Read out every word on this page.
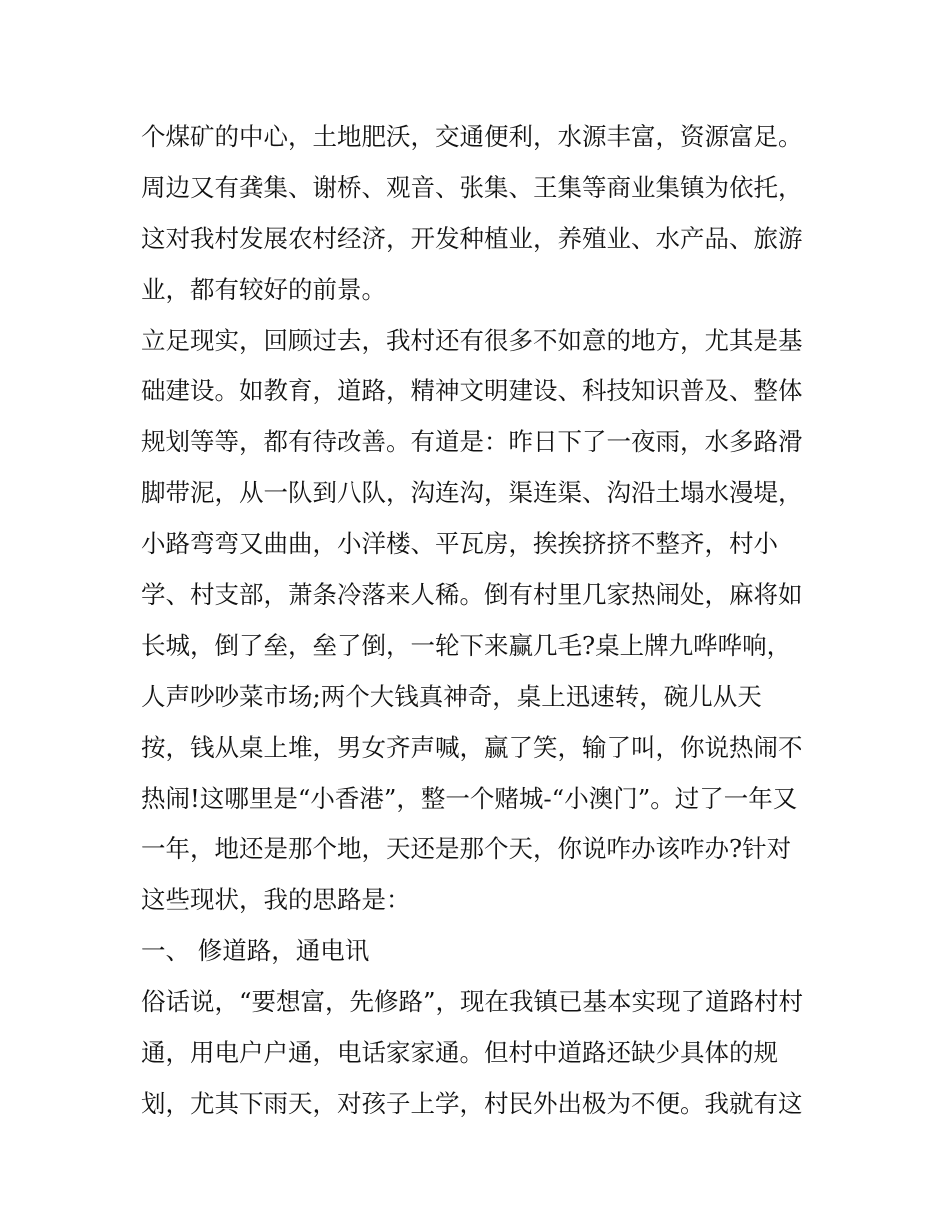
个煤矿的中心，土地肥沃，交通便利，水源丰富，资源富足。
周边又有龚集、谢桥、观音、张集、王集等商业集镇为依托，
这对我村发展农村经济，开发种植业，养殖业、水产品、旅游
业，都有较好的前景。
立足现实，回顾过去，我村还有很多不如意的地方，尤其是基
础建设。如教育，道路，精神文明建设、科技知识普及、整体
规划等等，都有待改善。有道是：昨日下了一夜雨，水多路滑
脚带泥，从一队到八队，沟连沟，渠连渠、沟沿土塌水漫堤，
小路弯弯又曲曲，小洋楼、平瓦房，挨挨挤挤不整齐，村小
学、村支部，萧条冷落来人稀。倒有村里几家热闹处，麻将如
长城，倒了垒，垒了倒，一轮下来赢几毛?桌上牌九哗哗响，
人声吵吵菜市场;两个大钱真神奇，桌上迅速转，碗儿从天
按，钱从桌上堆，男女齐声喊，赢了笑，输了叫，你说热闹不
热闹!这哪里是“小香港”，整一个赌城-“小澳门”。过了一年又
一年，地还是那个地，天还是那个天，你说咋办该咋办?针对
这些现状，我的思路是：
一、 修道路，通电讯
俗话说，“要想富，先修路”，现在我镇已基本实现了道路村村
通，用电户户通，电话家家通。但村中道路还缺少具体的规
划，尤其下雨天，对孩子上学，村民外出极为不便。我就有这
